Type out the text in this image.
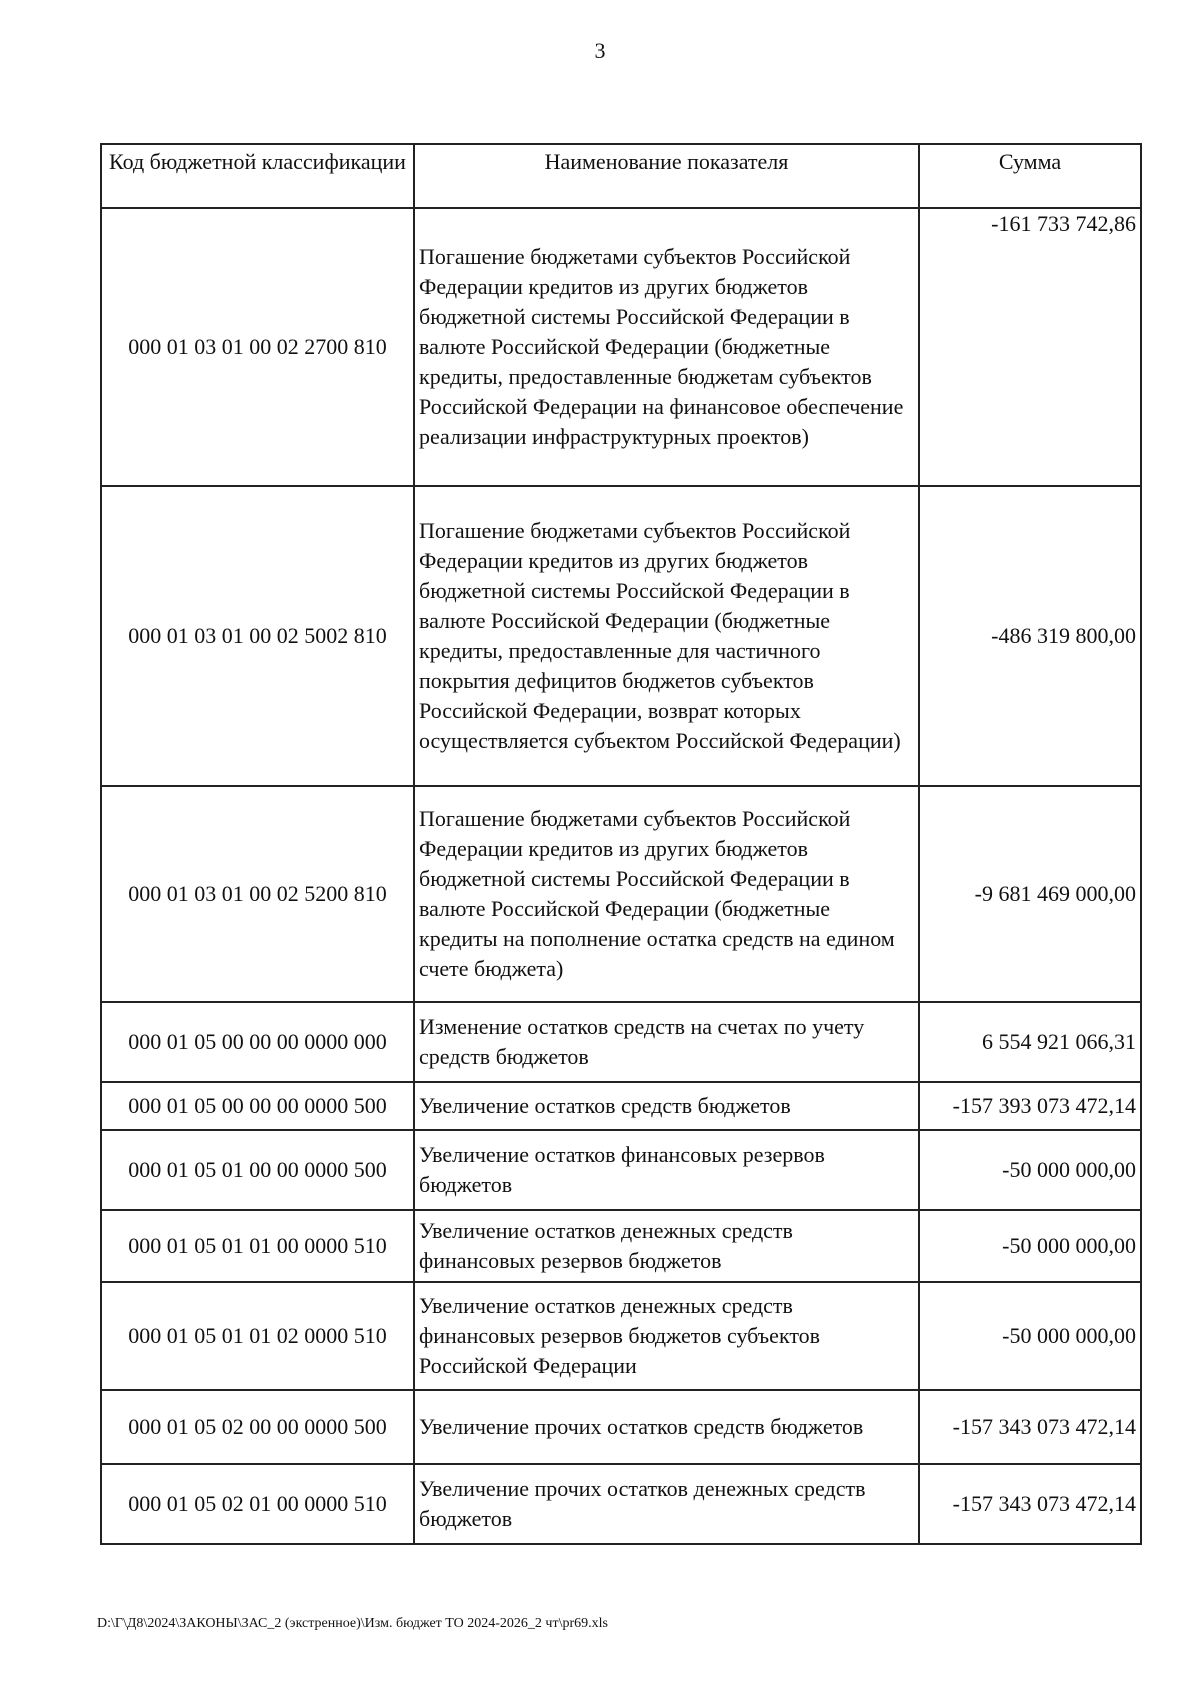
3
Код бюджетной классификации	Наименование показателя	Сумма
000 01 03 01 00 02 2700 810	Погашение бюджетами субъектов Российской Федерации кредитов из других бюджетов бюджетной системы Российской Федерации в валюте Российской Федерации (бюджетные кредиты, предоставленные бюджетам субъектов Российской Федерации на финансовое обеспечение реализации инфраструктурных проектов)	-161 733 742,86
000 01 03 01 00 02 5002 810	Погашение бюджетами субъектов Российской Федерации кредитов из других бюджетов бюджетной системы Российской Федерации в валюте Российской Федерации (бюджетные кредиты, предоставленные для частичного покрытия дефицитов бюджетов субъектов Российской Федерации, возврат которых осуществляется субъектом Российской Федерации)	-486 319 800,00
000 01 03 01 00 02 5200 810	Погашение бюджетами субъектов Российской Федерации кредитов из других бюджетов бюджетной системы Российской Федерации в валюте Российской Федерации (бюджетные кредиты на пополнение остатка средств на едином счете бюджета)	-9 681 469 000,00
000 01 05 00 00 00 0000 000	Изменение остатков средств на счетах по учету средств бюджетов	6 554 921 066,31
000 01 05 00 00 00 0000 500	Увеличение остатков средств бюджетов	-157 393 073 472,14
000 01 05 01 00 00 0000 500	Увеличение остатков финансовых резервов бюджетов	-50 000 000,00
000 01 05 01 01 00 0000 510	Увеличение остатков денежных средств финансовых резервов бюджетов	-50 000 000,00
000 01 05 01 01 02 0000 510	Увеличение остатков денежных средств финансовых резервов бюджетов субъектов Российской Федерации	-50 000 000,00
000 01 05 02 00 00 0000 500	Увеличение прочих остатков средств бюджетов	-157 343 073 472,14
000 01 05 02 01 00 0000 510	Увеличение прочих остатков денежных средств бюджетов	-157 343 073 472,14
D:\Г\Д8\2024\ЗАКОНЫ\ЗАС_2 (экстренное)\Изм. бюджет ТО 2024-2026_2 чт\pr69.xls
